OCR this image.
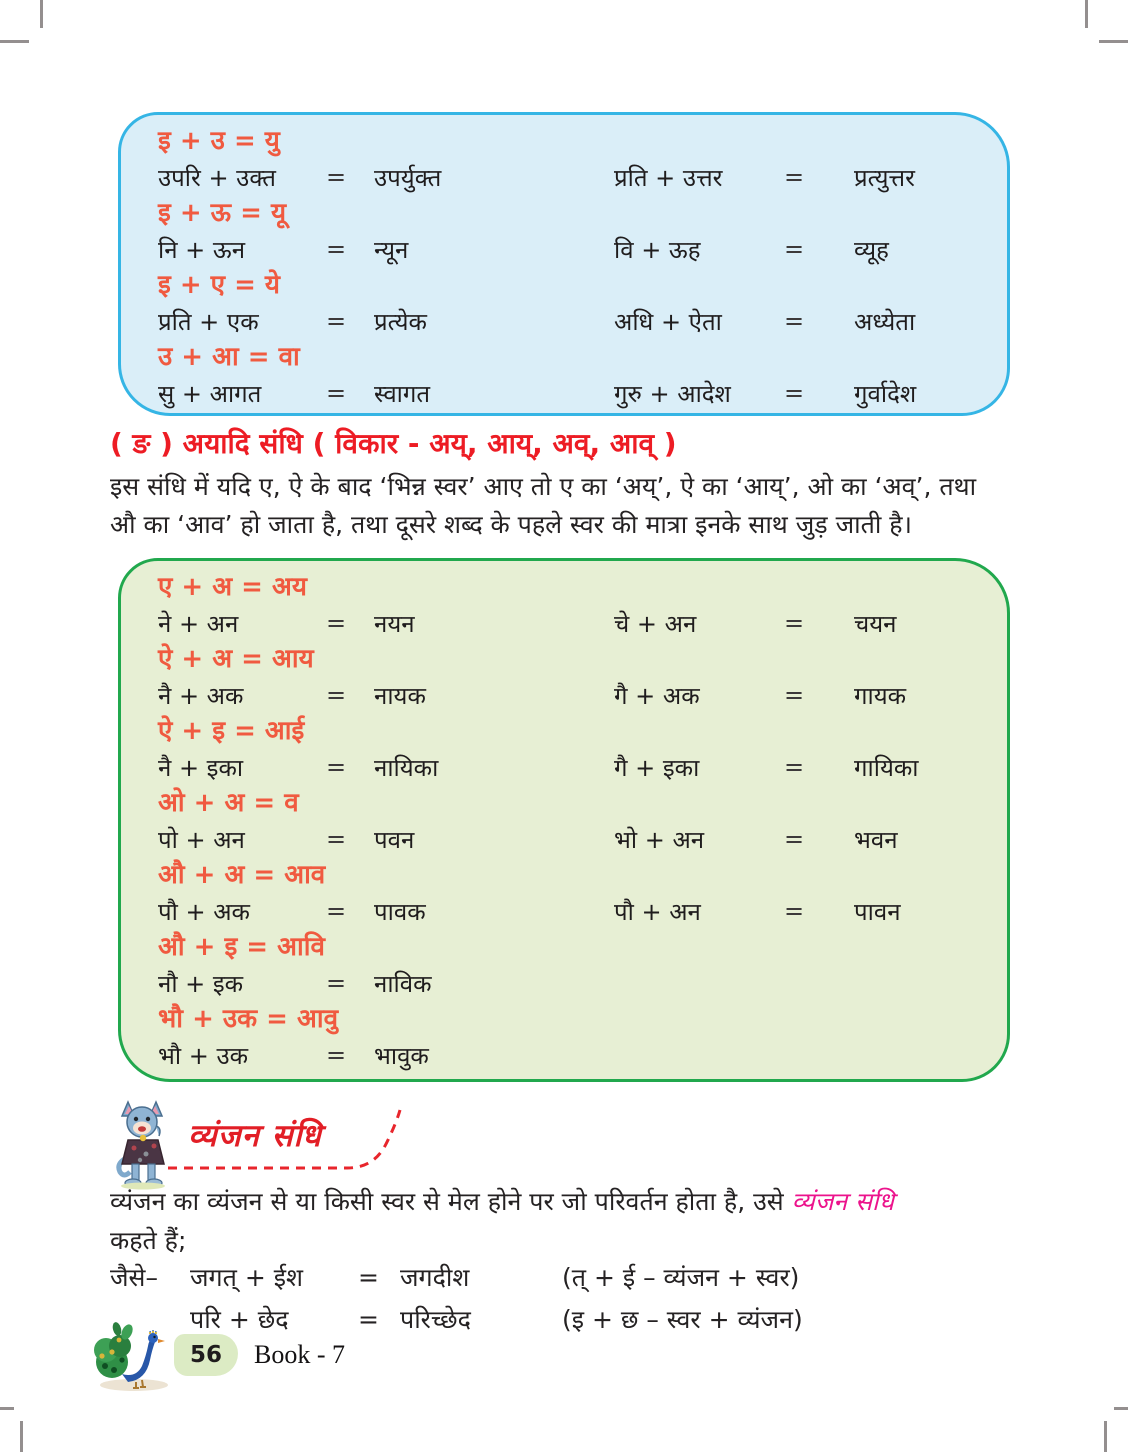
इ + उ = यु
उपरि + उक्त	=	उपर्युक्त	प्रति + उत्तर	=	प्रत्युत्तर
इ + ऊ = यू
नि + ऊन	=	न्यून	वि + ऊह	=	व्यूह
इ + ए = ये
प्रति + एक	=	प्रत्येक	अधि + ऐता	=	अध्येता
उ + आ = वा
सु + आगत	=	स्वागत	गुरु + आदेश	=	गुर्वादेश
( ङ ) अयादि संधि ( विकार - अय्, आय्, अव्, आव् )

इस संधि में यदि ए, ऐ के बाद ‘भिन्न स्वर’ आए तो ए का ‘अय्’, ऐ का ‘आय्’, ओ का ‘अव्’, तथा
औ का ‘आव’ हो जाता है, तथा दूसरे शब्द के पहले स्वर की मात्रा इनके साथ जुड़ जाती है।

ए + अ = अय
ने + अन	=	नयन	चे + अन	=	चयन
ऐ + अ = आय
नै + अक	=	नायक	गै + अक	=	गायक
ऐ + इ = आई
नै + इका	=	नायिका	गै + इका	=	गायिका
ओ + अ = व
पो + अन	=	पवन	भो + अन	=	भवन
औ + अ = आव
पौ + अक	=	पावक	पौ + अन	=	पावन
औ + इ = आवि
नौ + इक	=	नाविक
भौ + उक = आवु
भौ + उक	=	भावुक
व्यंजन संधि

व्यंजन का व्यंजन से या किसी स्वर से मेल होने पर जो परिवर्तन होता है, उसे व्यंजन संधि
कहते हैं;

जैसे–	जगत् + ईश	= जगदीश	(त् + ई – व्यंजन + स्वर)
परि + छेद	= परिच्छेद	(इ + छ – स्वर + व्यंजन)
56 Book - 7
